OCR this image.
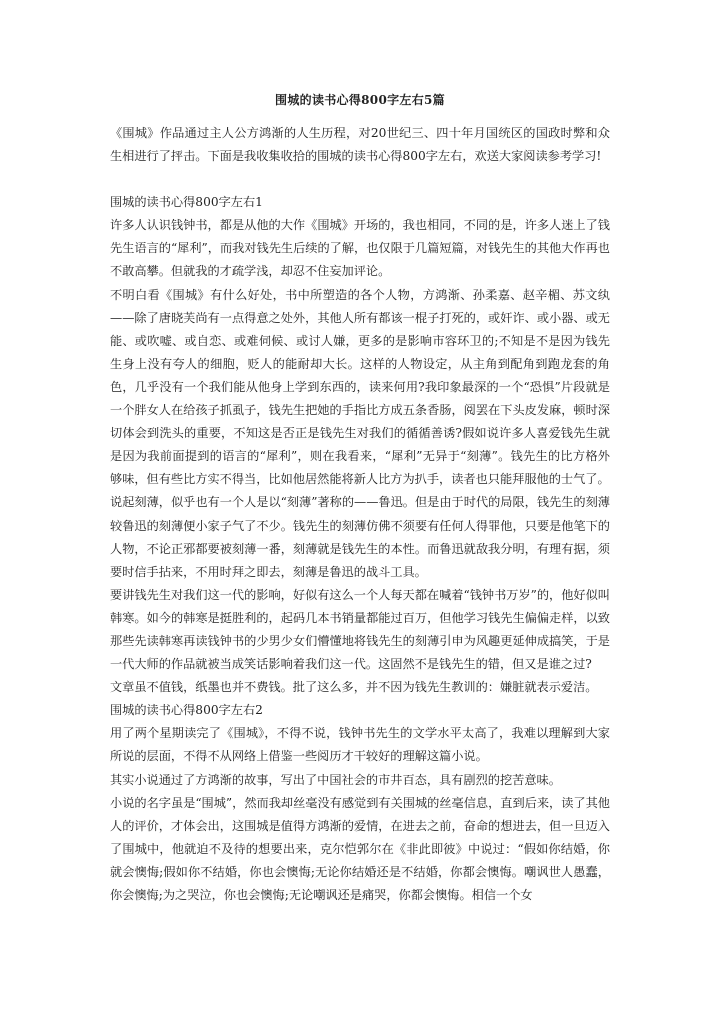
围城的读书心得800字左右5篇

《围城》作品通过主人公方鸿渐的人生历程，对20世纪三、四十年月国统区的国政时弊和众生相进行了抨击。下面是我收集收拾的围城的读书心得800字左右，欢送大家阅读参考学习!

围城的读书心得800字左右1

许多人认识钱钟书，都是从他的大作《围城》开场的，我也相同，不同的是，许多人迷上了钱先生语言的“犀利”，而我对钱先生后续的了解，也仅限于几篇短篇，对钱先生的其他大作再也不敢高攀。但就我的才疏学浅，却忍不住妄加评论。

不明白看《围城》有什么好处，书中所塑造的各个人物，方鸿渐、孙柔嘉、赵辛楣、苏文纨——除了唐晓芙尚有一点得意之处外，其他人所有都该一棍子打死的，或奸诈、或小器、或无能、或吹嘘、或自恋、或难伺候、或讨人嫌，更多的是影响市容环卫的;不知是不是因为钱先生身上没有夸人的细胞，贬人的能耐却大长。这样的人物设定，从主角到配角到跑龙套的角色，几乎没有一个我们能从他身上学到东西的，读来何用?我印象最深的一个“恐惧”片段就是一个胖女人在给孩子抓虱子，钱先生把她的手指比方成五条香肠，阅罢在下头皮发麻，顿时深切体会到洗头的重要，不知这是否正是钱先生对我们的循循善诱?假如说许多人喜爱钱先生就是因为我前面提到的语言的“犀利”，则在我看来，“犀利”无异于“刻薄”。钱先生的比方格外够味，但有些比方实不得当，比如他居然能将新人比方为扒手，读者也只能拜服他的士气了。

说起刻薄，似乎也有一个人是以“刻薄”著称的——鲁迅。但是由于时代的局限，钱先生的刻薄较鲁迅的刻薄便小家子气了不少。钱先生的刻薄仿佛不须要有任何人得罪他，只要是他笔下的人物，不论正邪都要被刻薄一番，刻薄就是钱先生的本性。而鲁迅就敌我分明，有理有据，须要时信手拈来，不用时拜之即去，刻薄是鲁迅的战斗工具。

要讲钱先生对我们这一代的影响，好似有这么一个人每天都在喊着“钱钟书万岁”的，他好似叫韩寒。如今的韩寒是挺胜利的，起码几本书销量都能过百万，但他学习钱先生偏偏走样，以致那些先读韩寒再读钱钟书的少男少女们懵懂地将钱先生的刻薄引申为风趣更延伸成搞笑，于是一代大师的作品就被当成笑话影响着我们这一代。这固然不是钱先生的错，但又是谁之过?

文章虽不值钱，纸墨也并不费钱。批了这么多，并不因为钱先生教训的：嫌脏就表示爱洁。

围城的读书心得800字左右2

用了两个星期读完了《围城》，不得不说，钱钟书先生的文学水平太高了，我难以理解到大家所说的层面，不得不从网络上借鉴一些阅历才干较好的理解这篇小说。

其实小说通过了方鸿渐的故事，写出了中国社会的市井百态，具有剧烈的挖苦意味。

小说的名字虽是“围城”，然而我却丝毫没有感觉到有关围城的丝毫信息，直到后来，读了其他人的评价，才体会出，这围城是值得方鸿渐的爱情，在进去之前，奋命的想进去，但一旦迈入了围城中，他就迫不及待的想要出来，克尔恺郭尔在《非此即彼》中说过：“假如你结婚，你就会懊悔;假如你不结婚，你也会懊悔;无论你结婚还是不结婚，你都会懊悔。嘲讽世人愚蠢，你会懊悔;为之哭泣，你也会懊悔;无论嘲讽还是痛哭，你都会懊悔。相信一个女
